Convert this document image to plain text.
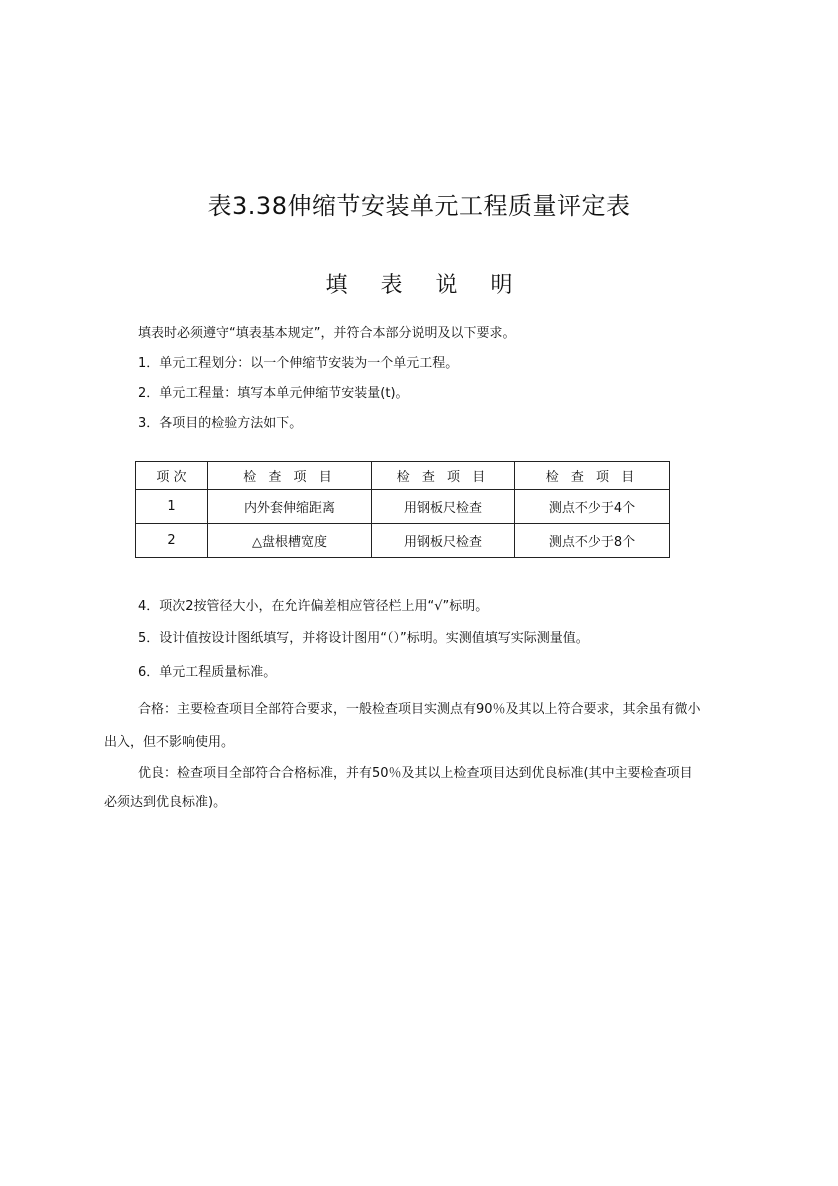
表3.38伸缩节安装单元工程质量评定表
填 表 说 明
填表时必须遵守“填表基本规定”，并符合本部分说明及以下要求。
1．单元工程划分：以一个伸缩节安装为一个单元工程。
2．单元工程量：填写本单元伸缩节安装量(t)。
3．各项目的检验方法如下。
项 次	检 查 项 目	检 查 项 目	检 查 项 目
1	内外套伸缩距离	用钢板尺检查	测点不少于4个
2	△盘根槽宽度	用钢板尺检查	测点不少于8个
4．项次2按管径大小，在允许偏差相应管径栏上用“√”标明。
5．设计值按设计图纸填写，并将设计图用“（）”标明。实测值填写实际测量值。
6．单元工程质量标准。
合格：主要检查项目全部符合要求，一般检查项目实测点有90％及其以上符合要求，其余虽有微小
出入，但不影响使用。
优良：检查项目全部符合合格标准，并有50％及其以上检查项目达到优良标准(其中主要检查项目
必须达到优良标准)。
